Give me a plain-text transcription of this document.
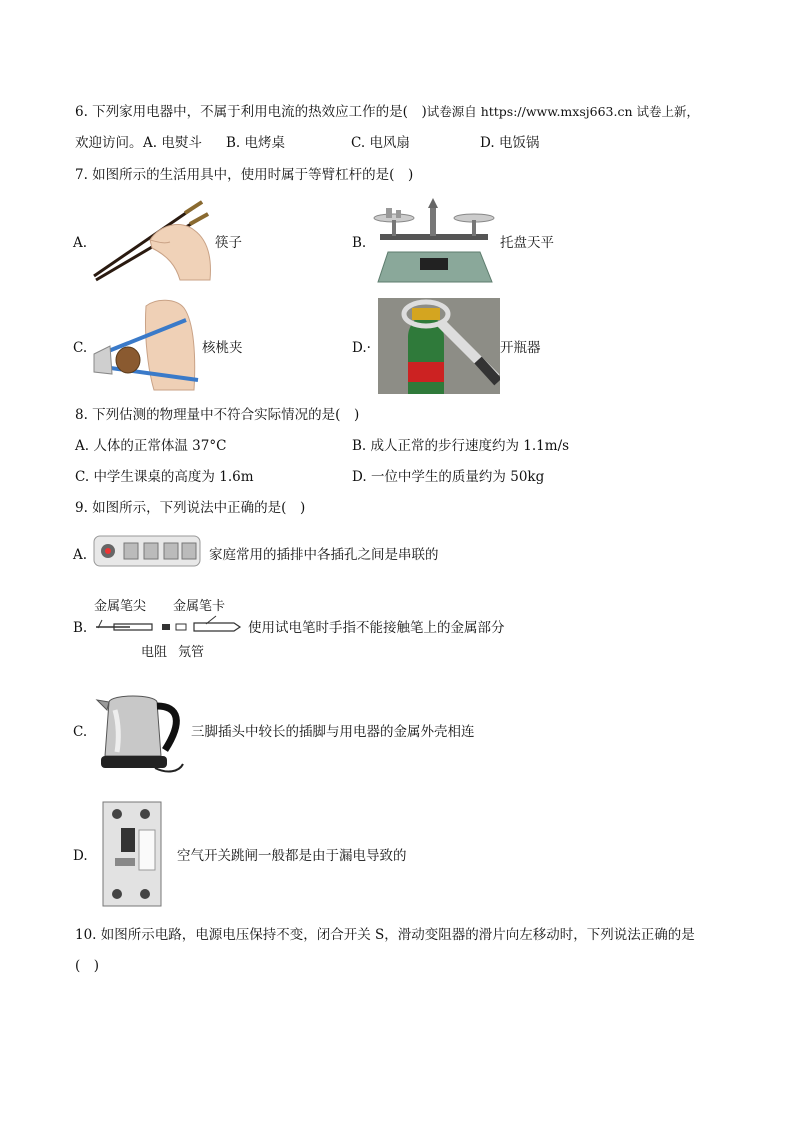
6. 下列家用电器中，不属于利用电流的热效应工作的是(　)试卷源自 https://www.mxsj663.cn 试卷上新，
欢迎访问。 A. 电熨斗 B. 电烤桌	C. 电风扇	D. 电饭锅
7. 如图所示的生活用具中，使用时属于等臂杠杆的是(　)
A.	筷子	B.	托盘天平
C.	核桃夹	D.·	开瓶器
8. 下列估测的物理量中不符合实际情况的是(　)
A. 人体的正常体温 37°C	B. 成人正常的步行速度约为 1.1m/s
C. 中学生课桌的高度为 1.6m	D. 一位中学生的质量约为 50kg
9. 如图所示，下列说法中正确的是(　)
A.	家庭常用的插排中各插孔之间是串联的
B.
金属笔尖 金属笔卡
电阻 氖管
使用试电笔时手指不能接触笔上的金属部分
C.	三脚插头中较长的插脚与用电器的金属外壳相连
D.	空气开关跳闸一般都是由于漏电导致的
10. 如图所示电路，电源电压保持不变，闭合开关 S，滑动变阻器的滑片向左移动时，下列说法正确的是
(　)
